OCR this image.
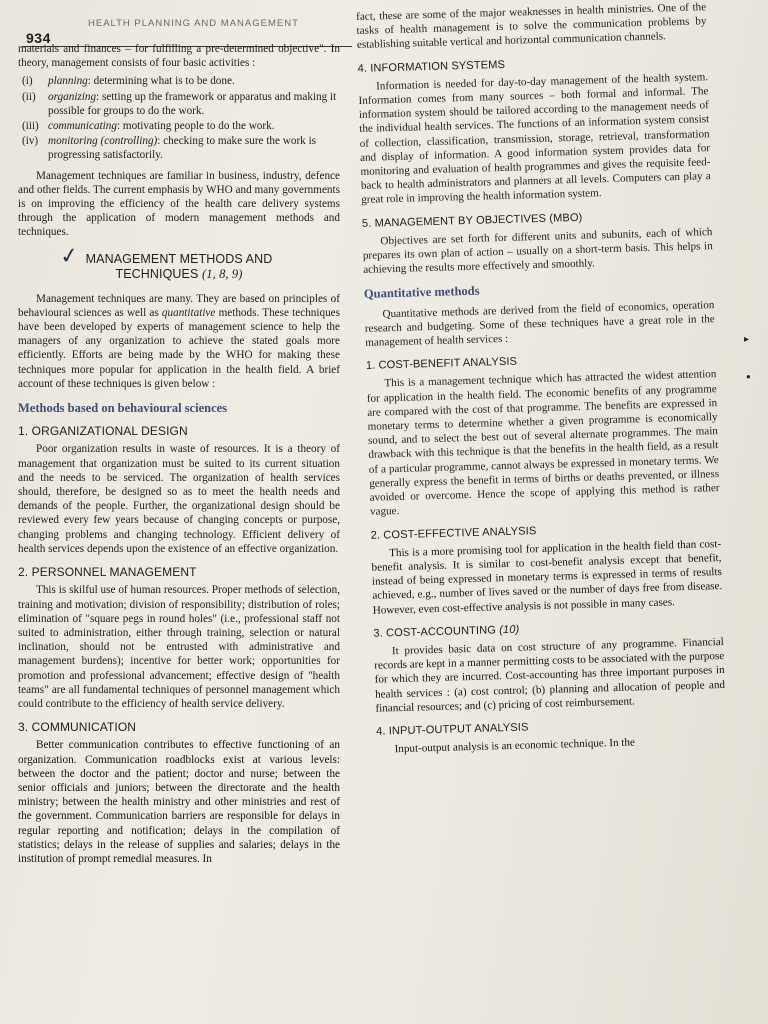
934
HEALTH PLANNING AND MANAGEMENT

materials and finances – for fulfilling a pre-determined objective". In theory, management consists of four basic activities :

(i) planning: determining what is to be done.
(ii) organizing: setting up the framework or apparatus and making it possible for groups to do the work.
(iii) communicating: motivating people to do the work.
(iv) monitoring (controlling): checking to make sure the work is progressing satisfactorily.

Management techniques are familiar in business, industry, defence and other fields. The current emphasis by WHO and many governments is on improving the efficiency of the health care delivery systems through the application of modern management methods and techniques.

✓ MANAGEMENT METHODS AND
TECHNIQUES (1, 8, 9)

Management techniques are many. They are based on principles of behavioural sciences as well as quantitative methods. These techniques have been developed by experts of management science to help the managers of any organization to achieve the stated goals more efficiently. Efforts are being made by the WHO for making these techniques more popular for application in the health field. A brief account of these techniques is given below :

Methods based on behavioural sciences
1. ORGANIZATIONAL DESIGN

Poor organization results in waste of resources. It is a theory of management that organization must be suited to its current situation and the needs to be serviced. The organization of health services should, therefore, be designed so as to meet the health needs and demands of the people. Further, the organizational design should be reviewed every few years because of changing concepts or purpose, changing problems and changing technology. Efficient delivery of health services depends upon the existence of an effective organization.

2. PERSONNEL MANAGEMENT

This is skilful use of human resources. Proper methods of selection, training and motivation; division of responsibility; distribution of roles; elimination of "square pegs in round holes" (i.e., professional staff not suited to administration, either through training, selection or natural inclination, should not be entrusted with administrative and management burdens); incentive for better work; opportunities for promotion and professional advancement; effective design of "health teams" are all fundamental techniques of personnel management which could contribute to the efficiency of health service delivery.

3. COMMUNICATION

Better communication contributes to effective functioning of an organization. Communication roadblocks exist at various levels: between the doctor and the patient; doctor and nurse; between the senior officials and juniors; between the directorate and the health ministry; between the health ministry and other ministries and rest of the government. Communication barriers are responsible for delays in regular reporting and notification; delays in the compilation of statistics; delays in the release of supplies and salaries; delays in the institution of prompt remedial measures. In

fact, these are some of the major weaknesses in health ministries. One of the tasks of health management is to solve the communication problems by establishing suitable vertical and horizontal communication channels.

4. INFORMATION SYSTEMS

Information is needed for day-to-day management of the health system. Information comes from many sources – both formal and informal. The information system should be tailored according to the management needs of the individual health services. The functions of an information system consist of collection, classification, transmission, storage, retrieval, transformation and display of information. A good information system provides data for monitoring and evaluation of health programmes and gives the requisite feed-back to health administrators and planners at all levels. Computers can play a great role in improving the health information system.

5. MANAGEMENT BY OBJECTIVES (MBO)

Objectives are set forth for different units and subunits, each of which prepares its own plan of action – usually on a short-term basis. This helps in achieving the results more effectively and smoothly.

Quantitative methods

Quantitative methods are derived from the field of economics, operation research and budgeting. Some of these techniques have a great role in the management of health services :

1. COST-BENEFIT ANALYSIS

This is a management technique which has attracted the widest attention for application in the health field. The economic benefits of any programme are compared with the cost of that programme. The benefits are expressed in monetary terms to determine whether a given programme is economically sound, and to select the best out of several alternate programmes. The main drawback with this technique is that the benefits in the health field, as a result of a particular programme, cannot always be expressed in monetary terms. We generally express the benefit in terms of births or deaths prevented, or illness avoided or overcome. Hence the scope of applying this method is rather vague.

2. COST-EFFECTIVE ANALYSIS

This is a more promising tool for application in the health field than cost-benefit analysis. It is similar to cost-benefit analysis except that benefit, instead of being expressed in monetary terms is expressed in terms of results achieved, e.g., number of lives saved or the number of days free from disease. However, even cost-effective analysis is not possible in many cases.

3. COST-ACCOUNTING (10)

It provides basic data on cost structure of any programme. Financial records are kept in a manner permitting costs to be associated with the purpose for which they are incurred. Cost-accounting has three important purposes in health services : (a) cost control; (b) planning and allocation of people and financial resources; and (c) pricing of cost reimbursement.

4. INPUT-OUTPUT ANALYSIS

Input-output analysis is an economic technique. In the

▸
●
